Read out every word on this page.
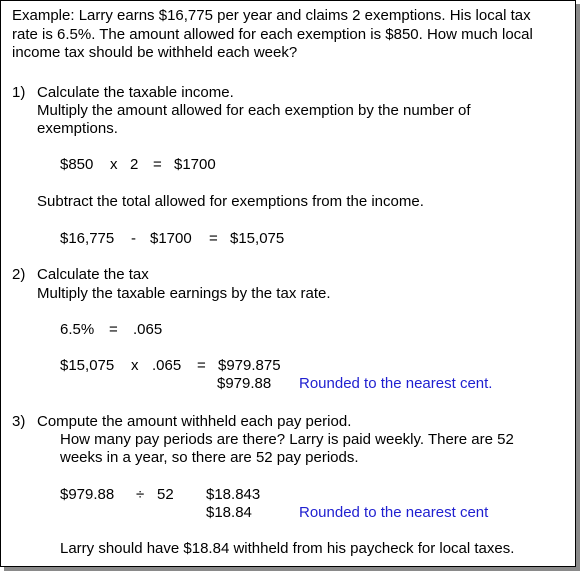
Example: Larry earns $16,775 per year and claims 2 exemptions. His local tax
rate is 6.5%. The amount allowed for each exemption is $850. How much local
income tax should be withheld each week?
1) Calculate the taxable income.
Multiply the amount allowed for each exemption by the number of
exemptions.
$850 x 2 = $1700
Subtract the total allowed for exemptions from the income.
$16,775 - $1700 = $15,075
2) Calculate the tax
Multiply the taxable earnings by the tax rate.
6.5% = .065
$15,075 x .065 = $979.875
$979.88 Rounded to the nearest cent.
3) Compute the amount withheld each pay period.
How many pay periods are there? Larry is paid weekly. There are 52
weeks in a year, so there are 52 pay periods.
$979.88 ÷ 52 $18.843
$18.84	Rounded to the nearest cent
Larry should have $18.84 withheld from his paycheck for local taxes.
